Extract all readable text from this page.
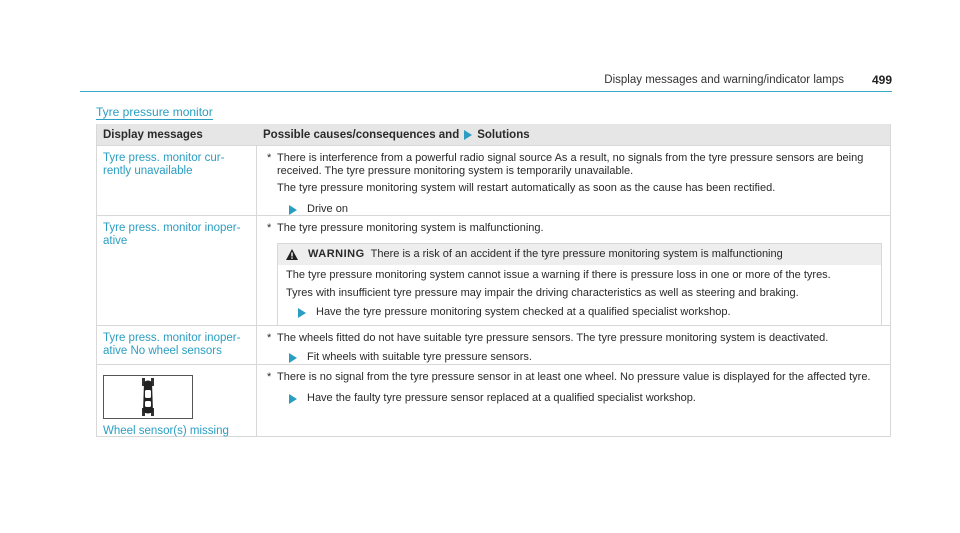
Display messages and warning/indicator lamps 499
Tyre pressure monitor
Display messages	Possible causes/consequences and Solutions
Tyre press. monitor cur-rently unavailable
* There is interference from a powerful radio signal source As a result, no signals from the tyre pressure sensors are being received. The tyre pressure monitoring system is temporarily unavailable.
The tyre pressure monitoring system will restart automatically as soon as the cause has been rectified.
Drive on
Tyre press. monitor inoper-ative
* The tyre pressure monitoring system is malfunctioning.
WARNING There is a risk of an accident if the tyre pressure monitoring system is malfunctioning

The tyre pressure monitoring system cannot issue a warning if there is pressure loss in one or more of the tyres.

Tyres with insufficient tyre pressure may impair the driving characteristics as well as steering and braking.

Have the tyre pressure monitoring system checked at a qualified specialist workshop.
Tyre press. monitor inoper-ative No wheel sensors
* The wheels fitted do not have suitable tyre pressure sensors. The tyre pressure monitoring system is deactivated.
Fit wheels with suitable tyre pressure sensors.
Wheel sensor(s) missing
* There is no signal from the tyre pressure sensor in at least one wheel. No pressure value is displayed for the affected tyre.
Have the faulty tyre pressure sensor replaced at a qualified specialist workshop.
